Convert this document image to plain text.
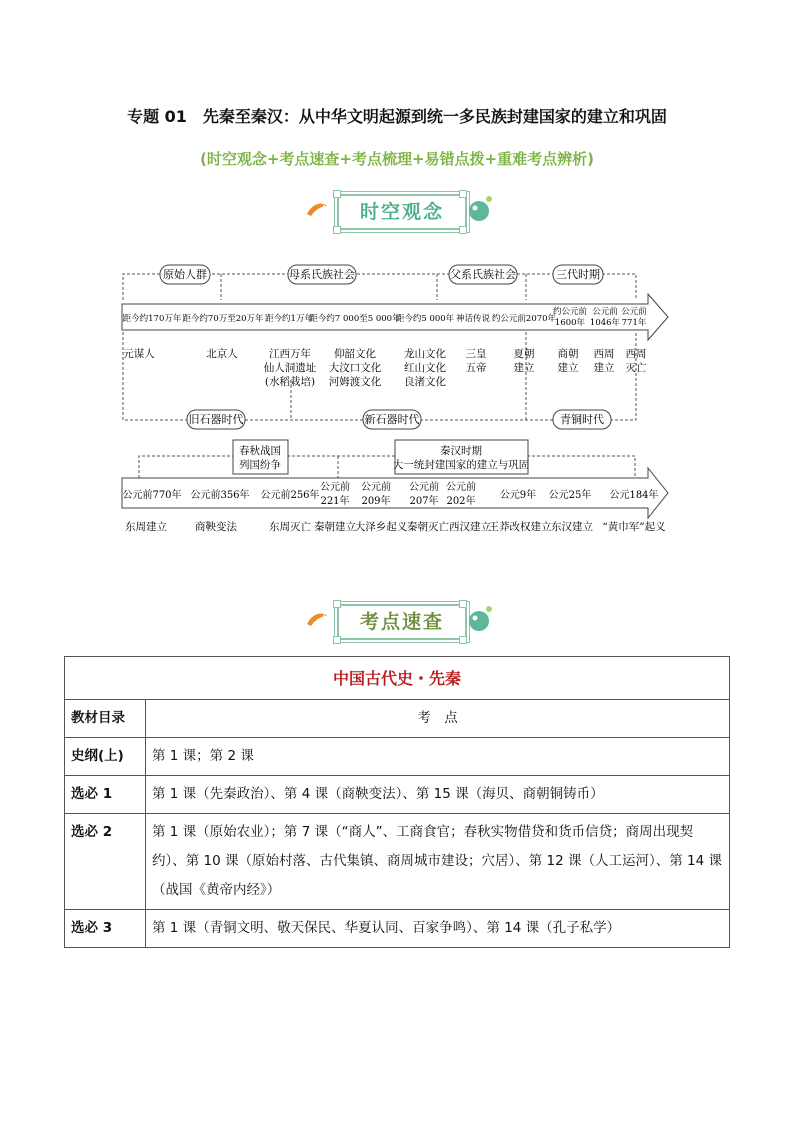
专题 01　先秦至秦汉：从中华文明起源到统一多民族封建国家的建立和巩固
(时空观念+考点速查+考点梳理+易错点拨+重难考点辨析)
时空观念
原始人群	母系氏族社会	父系氏族社会	三代时期
距今约170万年 距今约70万至20万年 距今约1万年
距今约7 000至5 000年
距今约5 000年 神话传说 约公元前2070年
约公元前
1600年
公元前
1046年
公元前
771年
元谋人	北京人	江西万年
仙人洞遗址
(水稻栽培)
仰韶文化
大汶口文化
河姆渡文化
龙山文化
红山文化
良渚文化
三皇
五帝
夏朝
建立
商朝
建立
西周
建立
西周
灭亡
旧石器时代	新石器时代	青铜时代
春秋战国
列国纷争
秦汉时期
大一统封建国家的建立与巩固
公元前770年 公元前356年 公元前256年
公元前
221年
公元前
209年
公元前
207年
公元前
202年
公元9年 公元25年 公元184年
东周建立	商鞅变法	东周灭亡 秦朝建立
大泽乡起义 秦朝灭亡 西汉建立
王莽改权建立 东汉建立 “黄巾军”起义
考点速查
中国古代史・先秦	
教材目录	考　点
史纲(上)	第 1 课；第 2 课
选必 1	第 1 课（先秦政治）、第 4 课（商鞅变法）、第 15 课（海贝、商朝铜铸币）
选必 2	第 1 课（原始农业）；第 7 课（“商人”、工商食官；春秋实物借贷和货币信贷；商周出现契约）、第 10 课（原始村落、古代集镇、商周城市建设；穴居）、第 12 课（人工运河）、第 14 课（战国《黄帝内经》）
选必 3	第 1 课（青铜文明、敬天保民、华夏认同、百家争鸣）、第 14 课（孔子私学）
